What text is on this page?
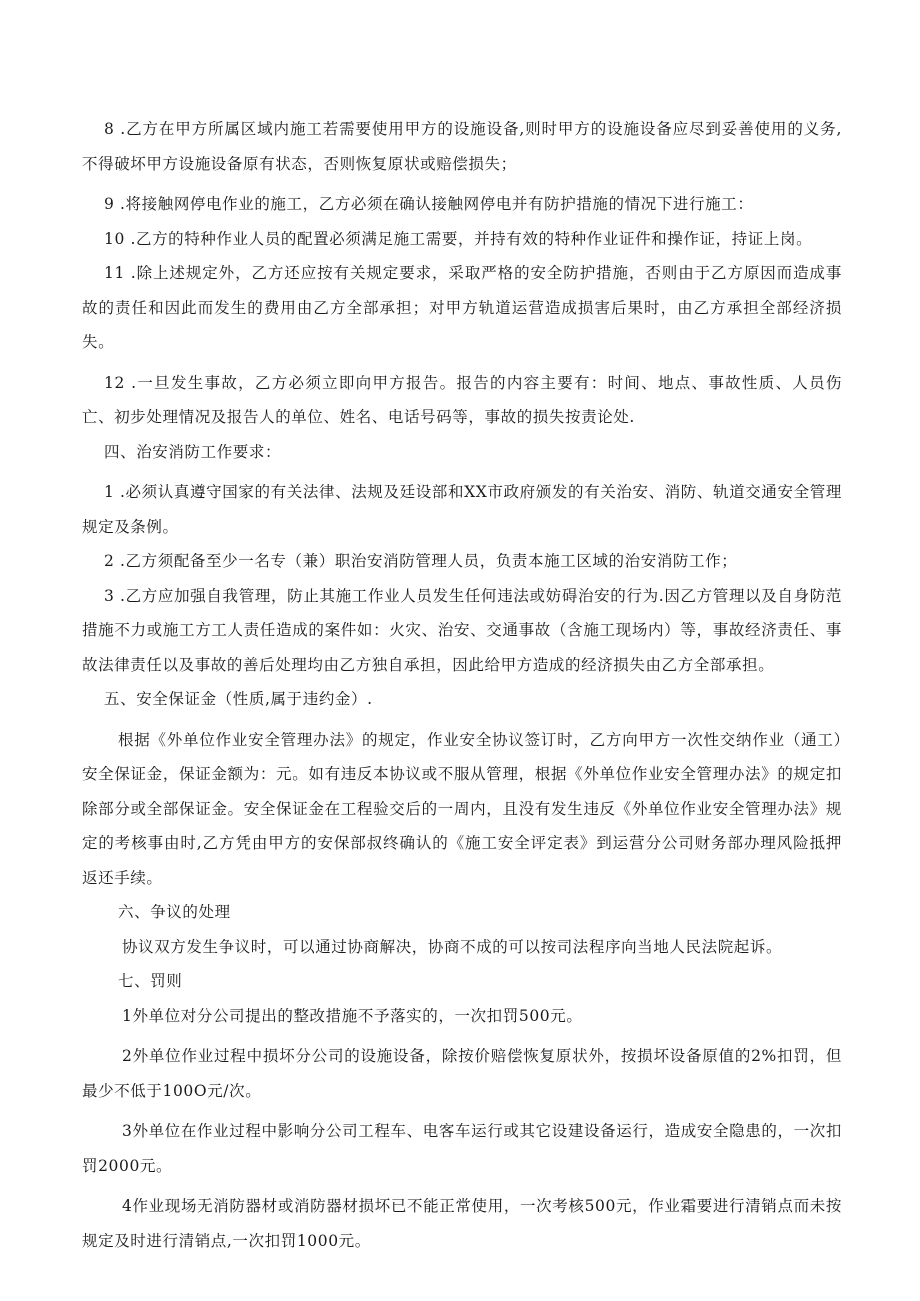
8 .乙方在甲方所属区域内施工若需要使用甲方的设施设备,则时甲方的设施设备应尽到妥善使用的义务,不得破坏甲方设施设备原有状态，否则恢复原状或赔偿损失；

9 .将接触网停电作业的施工，乙方必须在确认接触网停电并有防护措施的情况下进行施工：

10 .乙方的特种作业人员的配置必须满足施工需要，并持有效的特种作业证件和操作证，持证上岗。

11 .除上述规定外，乙方还应按有关规定要求，采取严格的安全防护措施，否则由于乙方原因而造成事故的责任和因此而发生的费用由乙方全部承担；对甲方轨道运营造成损害后果时，由乙方承担全部经济损失。

12 .一旦发生事故，乙方必须立即向甲方报告。报告的内容主要有：时间、地点、事故性质、人员伤亡、初步处理情况及报告人的单位、姓名、电话号码等，事故的损失按责论处.

四、治安消防工作要求：

1 .必须认真遵守国家的有关法律、法规及廷设部和XX市政府颁发的有关治安、消防、轨道交通安全管理规定及条例。

2 .乙方须配备至少一名专（兼）职治安消防管理人员，负责本施工区域的治安消防工作；

3 .乙方应加强自我管理，防止其施工作业人员发生任何违法或妨碍治安的行为.因乙方管理以及自身防范措施不力或施工方工人责任造成的案件如：火灾、治安、交通事故（含施工现场内）等，事故经济责任、事故法律责任以及事故的善后处理均由乙方独自承担，因此给甲方造成的经济损失由乙方全部承担。

五、安全保证金（性质,属于违约金）.

根据《外单位作业安全管理办法》的规定，作业安全协议签订时，乙方向甲方一次性交纳作业（通工）安全保证金，保证金额为：元。如有违反本协议或不服从管理，根据《外单位作业安全管理办法》的规定扣除部分或全部保证金。安全保证金在工程验交后的一周内，且没有发生违反《外单位作业安全管理办法》规定的考核事由时,乙方凭由甲方的安保部叔终确认的《施工安全评定表》到运营分公司财务部办理风险抵押返还手续。

六、争议的处理

协议双方发生争议时，可以通过协商解决，协商不成的可以按司法程序向当地人民法院起诉。

七、罚则

1外单位对分公司提出的整改措施不予落实的，一次扣罚500元。

2外单位作业过程中损坏分公司的设施设备，除按价赔偿恢复原状外，按损坏设备原值的2%扣罚，但最少不低于100O元/次。

3外单位在作业过程中影响分公司工程车、电客车运行或其它设建设备运行，造成安全隐患的，一次扣罚2000元。

4作业现场无消防器材或消防器材损坏已不能正常使用，一次考核500元，作业霜要进行清销点而未按规定及时进行清销点,一次扣罚1000元。
